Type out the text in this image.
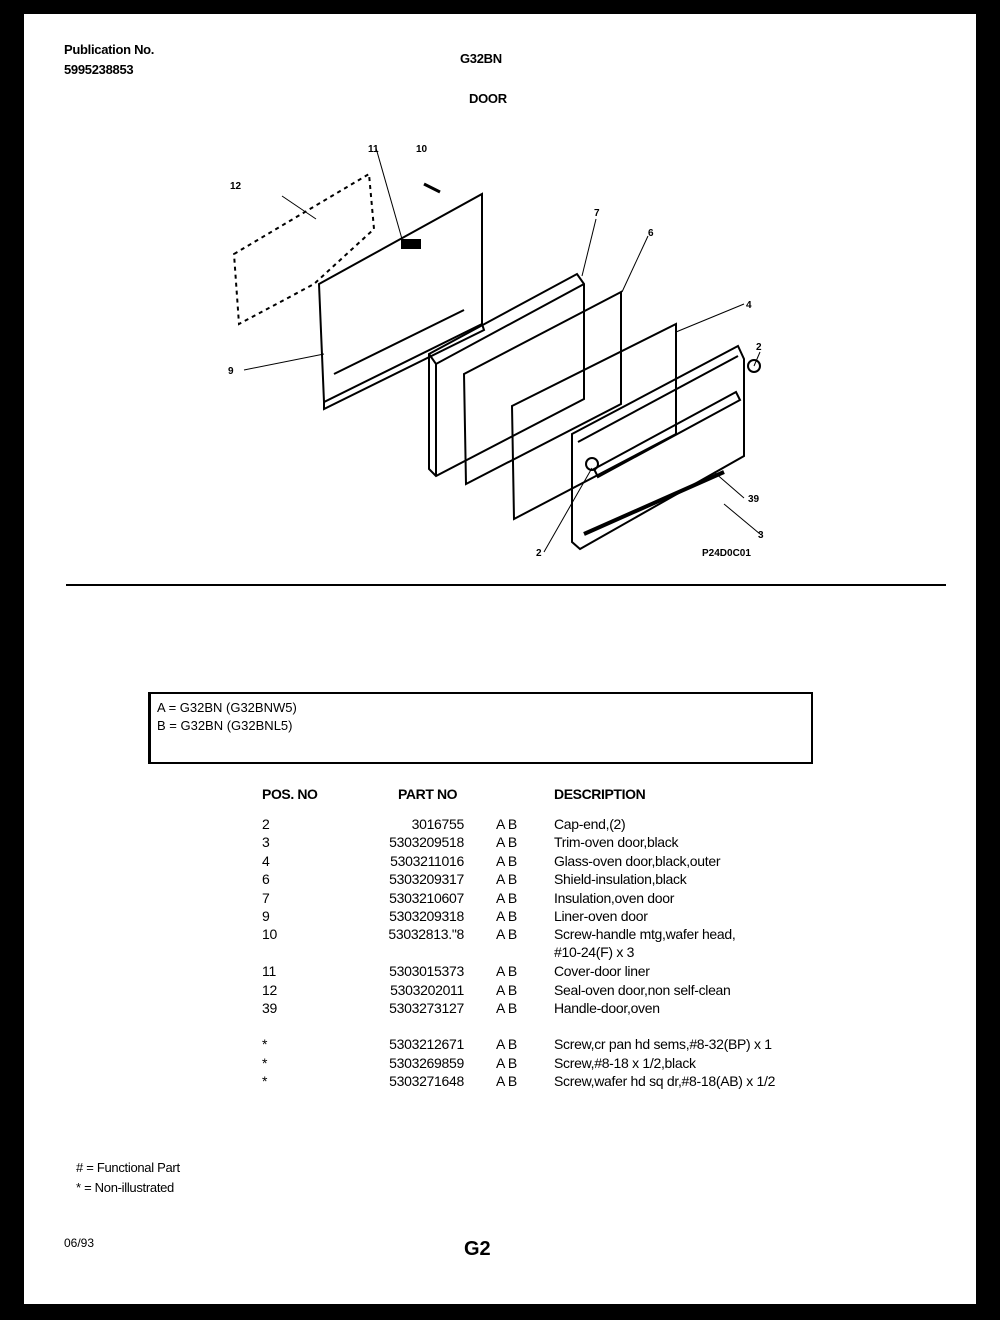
Publication No.
5995238853
G32BN
DOOR
11	10
12
7
6
4
9
2
39
3
2	P24D0C01
A = G32BN (G32BNW5)
B = G32BN (G32BNL5)
POS. NO	PART NO	DESCRIPTION
2	3016755 A B	Cap-end,(2)
3	5303209518 A B	Trim-oven door,black
4	5303211016 A B	Glass-oven door,black,outer
6	5303209317 A B	Shield-insulation,black
7	5303210607 A B	Insulation,oven door
9	5303209318 A B	Liner-oven door
10	53032813."8 A B	Screw-handle mtg,wafer head,
#10-24(F) x 3
11	5303015373 A B	Cover-door liner
12	5303202011 A B	Seal-oven door,non self-clean
39	5303273127 A B	Handle-door,oven
*	5303212671 A B	Screw,cr pan hd sems,#8-32(BP) x 1
*	5303269859 A B	Screw,#8-18 x 1/2,black
*	5303271648 A B	Screw,wafer hd sq dr,#8-18(AB) x 1/2
# = Functional Part
* = Non-illustrated
06/93	G2
